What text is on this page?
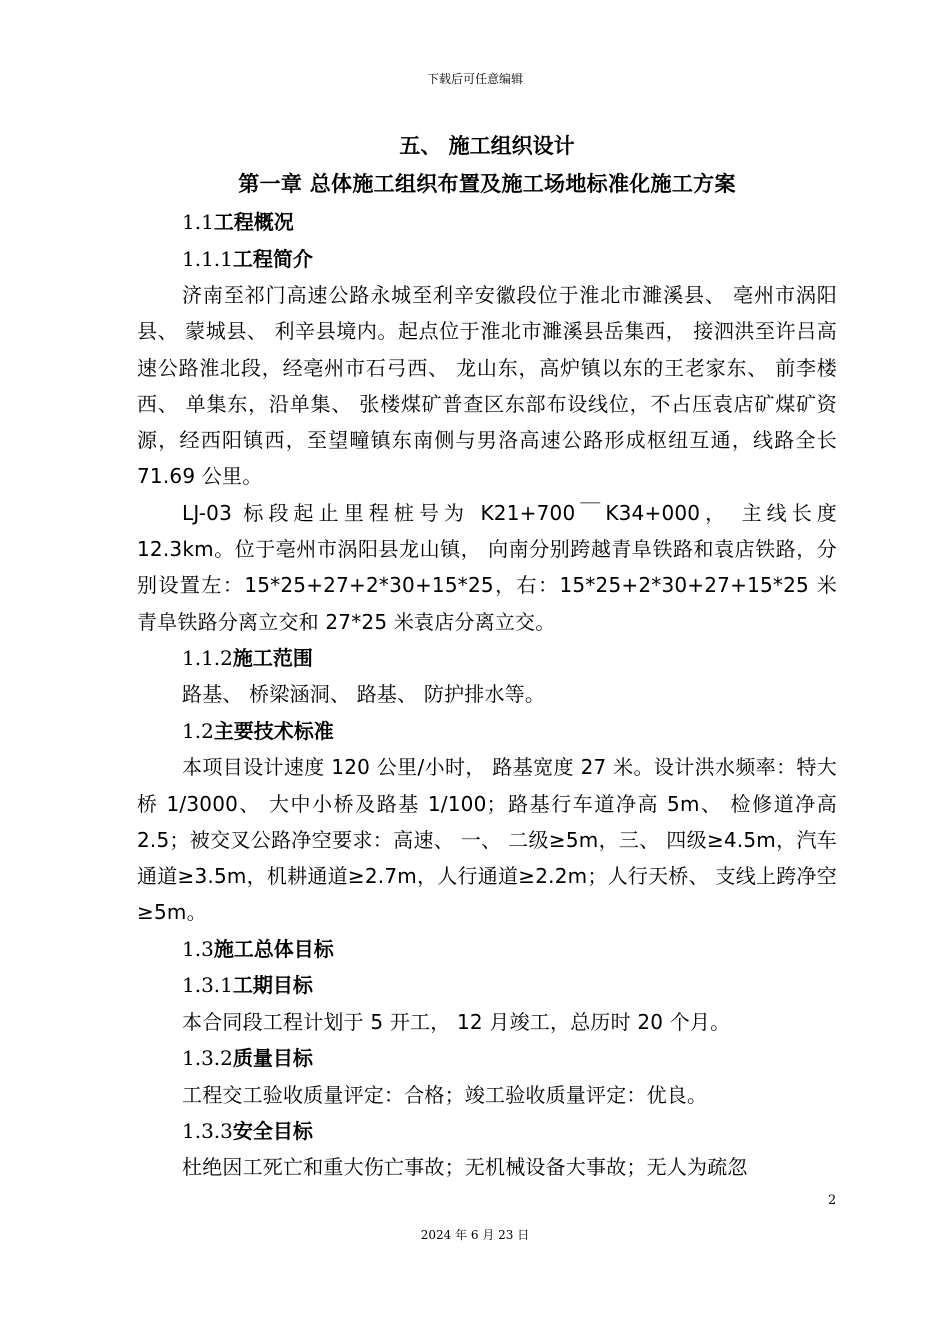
下载后可任意编辑
五、 施工组织设计
第一章 总体施工组织布置及施工场地标准化施工方案
1.1工程概况
1.1.1工程简介

济南至祁门高速公路永城至利辛安徽段位于淮北市濉溪县、 亳州市涡阳县、 蒙城县、 利辛县境内。起点位于淮北市濉溪县岳集西， 接泗洪至许吕高速公路淮北段，经亳州市石弓西、 龙山东，高炉镇以东的王老家东、 前李楼西、 单集东，沿单集、 张楼煤矿普查区东部布设线位，不占压袁店矿煤矿资源，经西阳镇西，至望疃镇东南侧与男洛高速公路形成枢纽互通，线路全长 71.69 公里。

LJ-03 标段起止里程桩号为 K21+700￣K34+000， 主线长度 12.3km。位于亳州市涡阳县龙山镇， 向南分别跨越青阜铁路和袁店铁路，分别设置左：15*25+27+2*30+15*25，右：15*25+2*30+27+15*25 米青阜铁路分离立交和 27*25 米袁店分离立交。

1.1.2施工范围

路基、 桥梁涵洞、 路基、 防护排水等。

1.2主要技术标准

本项目设计速度 120 公里/小时， 路基宽度 27 米。设计洪水频率：特大桥 1/3000、 大中小桥及路基 1/100；路基行车道净高 5m、 检修道净高 2.5；被交叉公路净空要求：高速、 一、 二级≥5m，三、 四级≥4.5m，汽车通道≥3.5m，机耕通道≥2.7m，人行通道≥2.2m；人行天桥、 支线上跨净空≥5m。

1.3施工总体目标
1.3.1工期目标

本合同段工程计划于 5 开工， 12 月竣工，总历时 20 个月。

1.3.2质量目标

工程交工验收质量评定：合格；竣工验收质量评定：优良。

1.3.3安全目标

杜绝因工死亡和重大伤亡事故；无机械设备大事故；无人为疏忽

2
2024 年 6 月 23 日
